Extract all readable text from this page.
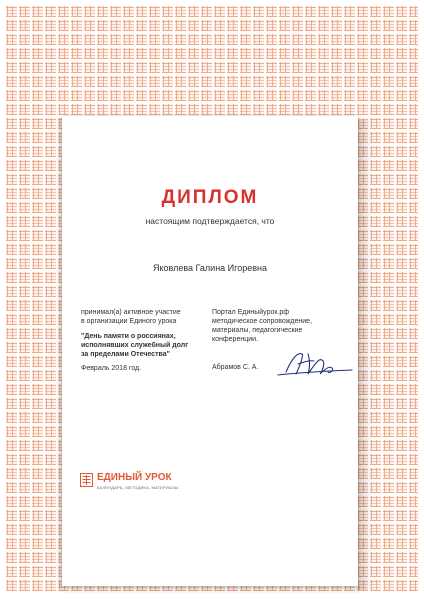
ДИПЛОМ
настоящим подтверждается, что
Яковлева Галина Игоревна
принимал(а) активное участие
в организации Единого урока
"День памяти о россиянах,
исполнявших служебный долг
за пределами Отечества"
Февраль 2018 год.
Портал Единыйурок.рф
методическое сопровождение,
материалы, педагогические
конференции.
Абрамов С. А.
ЕДИНЫЙ УРОК
КАЛЕНДАРЬ, МЕТОДИКА, МАТЕРИАЛЫ
